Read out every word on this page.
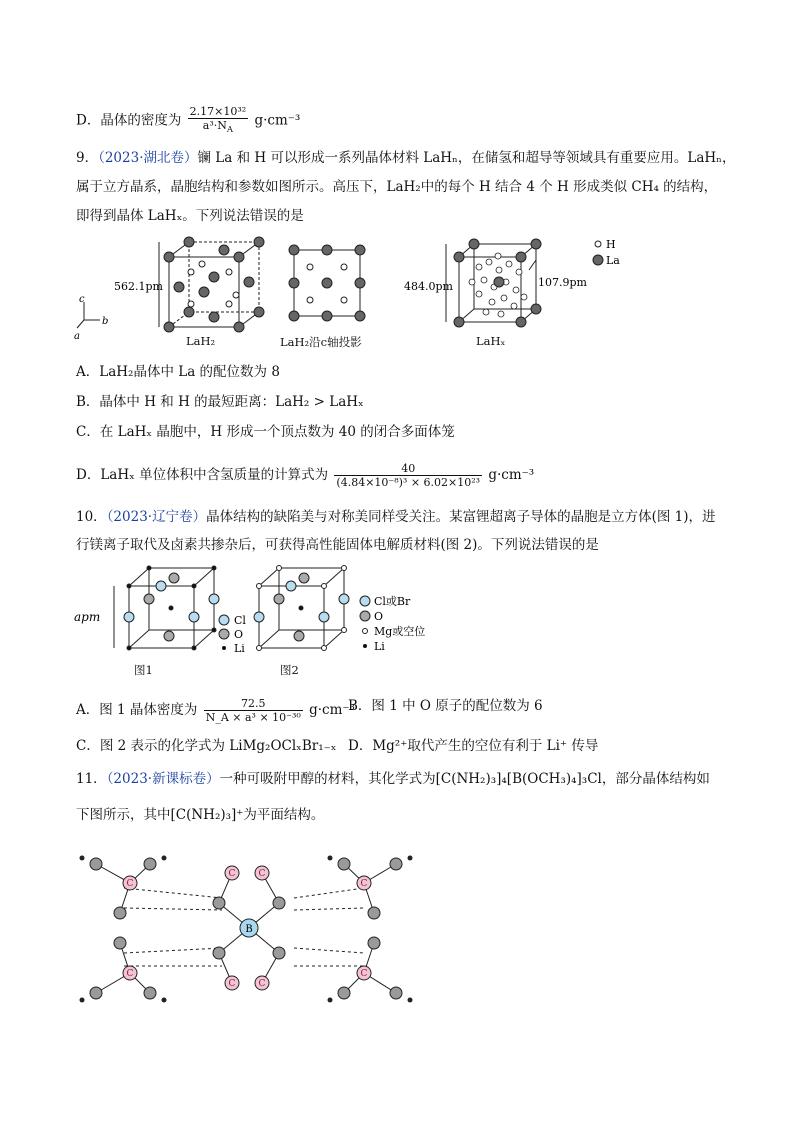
D．晶体的密度为 $\frac{\text{2.17×10³²}}{a^3\cdot N_A} g\cdot cm^{-3}$
9．（2023·湖北卷）镧 La 和 H 可以形成一系列晶体材料 LaHₙ，在储氢和超导等领域具有重要应用。LaHₙ，
属于立方晶系，晶胞结构和参数如图所示。高压下，LaH₂中的每个 H 结合 4 个 H 形成类似 CH₄ 的结构，
即得到晶体 LaHₓ。下列说法错误的是
562.1pm
c
b
a
484.0pm	107.9pm
H
La
LaH₂	LaH₂沿c轴投影	LaHₓ
A．LaH₂晶体中 La 的配位数为 8
B．晶体中 H 和 H 的最短距离：LaH₂ > LaHₓ
C．在 LaHₓ 晶胞中，H 形成一个顶点数为 40 的闭合多面体笼
D．LaHₓ 单位体积中含氢质量的计算式为 $\frac{40}{\text{(4.84×10⁻⁸)³ × 6.02×10²³}} g\cdot cm^{-3}$
10．（2023·辽宁卷）晶体结构的缺陷美与对称美同样受关注。某富锂超离子导体的晶胞是立方体(图 1)，进
行镁离子取代及卤素共掺杂后，可获得高性能固体电解质材料(图 2)。下列说法错误的是
apm	Cl
O
Li
Cl或Br
O
Mg或空位
Li
图1	图2
A．图 1 晶体密度为 $\frac{72.5}{\text{N\_A × a³ × 10⁻³⁰}} g\cdot cm^{-3}$
B．图 1 中 O 原子的配位数为 6
C．图 2 表示的化学式为 LiMg₂OClₓBr₁₋ₓ D．Mg²⁺取代产生的空位有利于 Li⁺ 传导
11．（2023·新课标卷）一种可吸附甲醇的材料，其化学式为[C(NH₂)₃]₄[B(OCH₃)₄]₃Cl，部分晶体结构如
下图所示，其中[C(NH₂)₃]⁺为平面结构。
C
C
C
C
C	C
C	C
B
